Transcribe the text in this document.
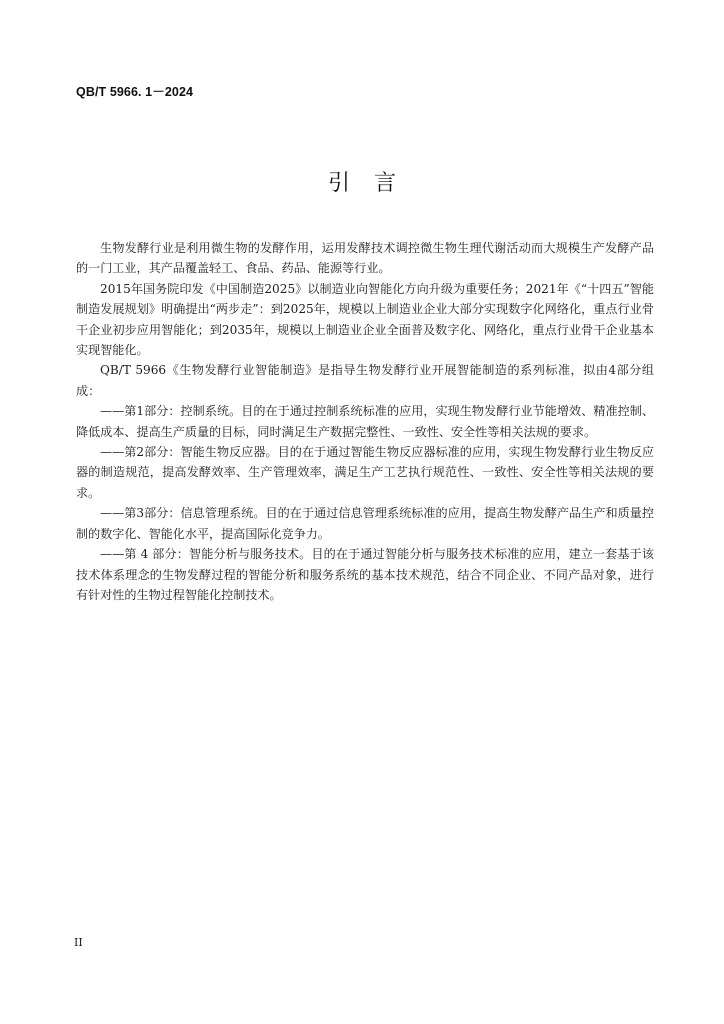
QB/T 5966. 1－2024
引言

生物发酵行业是利用微生物的发酵作用，运用发酵技术调控微生物生理代谢活动而大规模生产发酵产品的一门工业，其产品覆盖轻工、食品、药品、能源等行业。

2015年国务院印发《中国制造2025》以制造业向智能化方向升级为重要任务；2021年《“十四五”智能制造发展规划》明确提出“两步走”：到2025年，规模以上制造业企业大部分实现数字化网络化，重点行业骨干企业初步应用智能化；到2035年，规模以上制造业企业全面普及数字化、网络化，重点行业骨干企业基本实现智能化。

QB/T 5966《生物发酵行业智能制造》是指导生物发酵行业开展智能制造的系列标准，拟由4部分组成：

——第1部分：控制系统。目的在于通过控制系统标准的应用，实现生物发酵行业节能增效、精准控制、降低成本、提高生产质量的目标，同时满足生产数据完整性、一致性、安全性等相关法规的要求。

——第2部分：智能生物反应器。目的在于通过智能生物反应器标准的应用，实现生物发酵行业生物反应器的制造规范，提高发酵效率、生产管理效率，满足生产工艺执行规范性、一致性、安全性等相关法规的要求。

——第3部分：信息管理系统。目的在于通过信息管理系统标准的应用，提高生物发酵产品生产和质量控制的数字化、智能化水平，提高国际化竞争力。

——第 4 部分：智能分析与服务技术。目的在于通过智能分析与服务技术标准的应用，建立一套基于该技术体系理念的生物发酵过程的智能分析和服务系统的基本技术规范，结合不同企业、不同产品对象，进行有针对性的生物过程智能化控制技术。

II
